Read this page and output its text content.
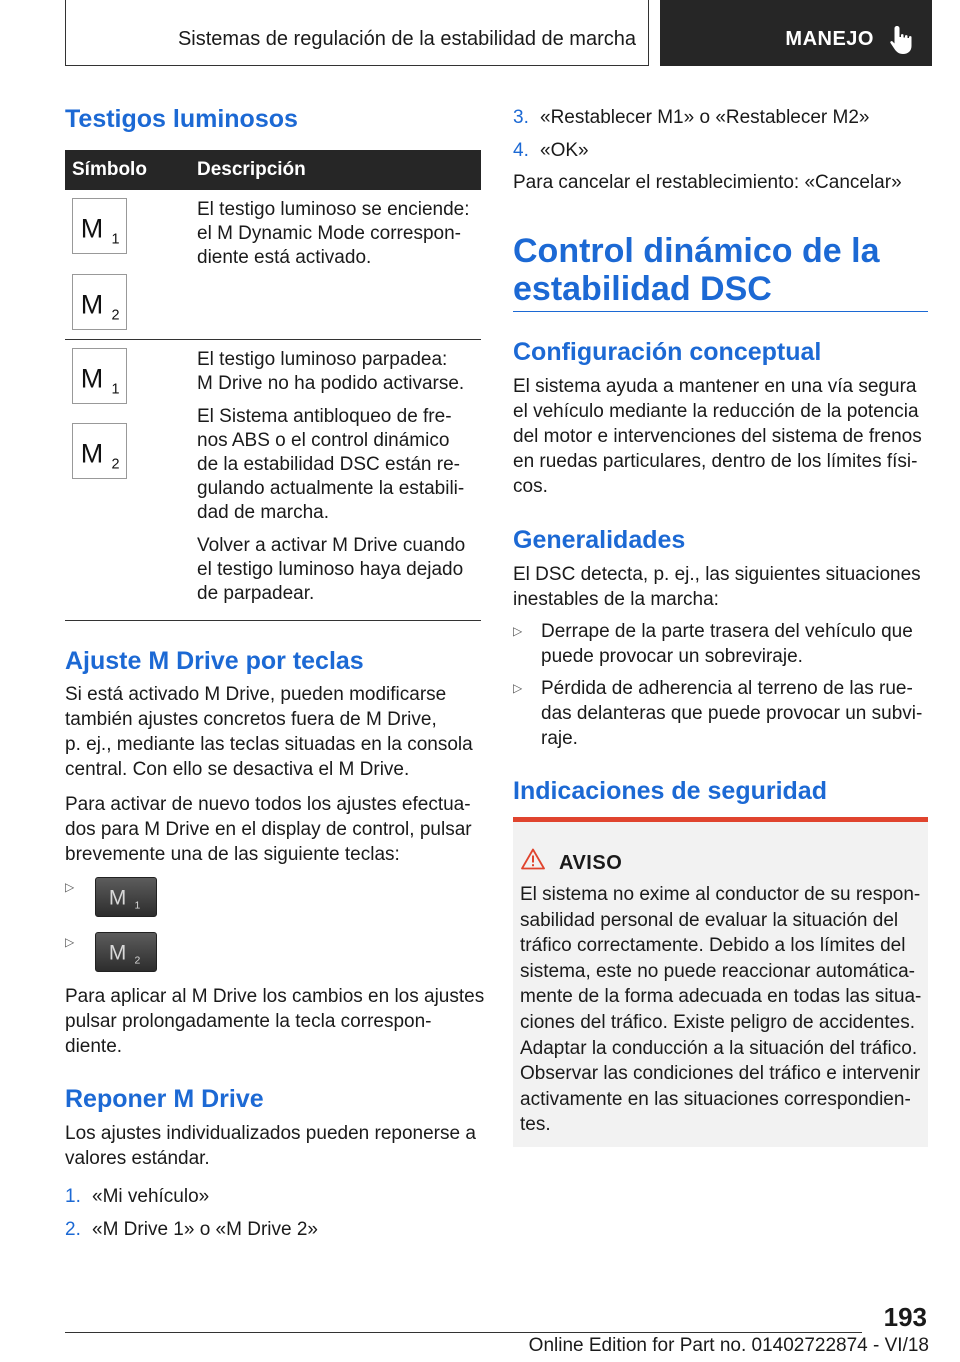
Sistemas de regulación de la estabilidad de marcha	MANEJO
Testigos luminosos
Símbolo	Descripción
M 1
M 2
El testigo luminoso se enciende:
el M Dynamic Mode correspon-
diente está activado.
M 1
M 2
El testigo luminoso parpadea:
M Drive no ha podido activarse.
El Sistema antibloqueo de fre-
nos ABS o el control dinámico
de la estabilidad DSC están re-
gulando actualmente la estabili-
dad de marcha.
Volver a activar M Drive cuando
el testigo luminoso haya dejado
de parpadear.
Ajuste M Drive por teclas

Si está activado M Drive, pueden modificarse

también ajustes concretos fuera de M Drive,

p. ej., mediante las teclas situadas en la consola

central. Con ello se desactiva el M Drive.

Para activar de nuevo todos los ajustes efectua-

dos para M Drive en el display de control, pulsar

brevemente una de las siguiente teclas:

▷ M 1
▷ M 2

Para aplicar al M Drive los cambios en los ajustes

pulsar prolongadamente la tecla correspon-

diente.

Reponer M Drive

Los ajustes individualizados pueden reponerse a

valores estándar.

1. «Mi vehículo»
2. «M Drive 1» o «M Drive 2»
3. «Restablecer M1» o «Restablecer M2»
4. «OK»

Para cancelar el restablecimiento: «Cancelar»

Control dinámico de la
estabilidad DSC
Configuración conceptual

El sistema ayuda a mantener en una vía segura

el vehículo mediante la reducción de la potencia

del motor e intervenciones del sistema de frenos

en ruedas particulares, dentro de los límites físi-

cos.

Generalidades

El DSC detecta, p. ej., las siguientes situaciones

inestables de la marcha:

▷ Derrape de la parte trasera del vehículo que

puede provocar un sobreviraje.

▷ Pérdida de adherencia al terreno de las rue-

das delanteras que puede provocar un subvi-

raje.

Indicaciones de seguridad
AVISO
El sistema no exime al conductor de su respon-
sabilidad personal de evaluar la situación del
tráfico correctamente. Debido a los límites del
sistema, este no puede reaccionar automática-
mente de la forma adecuada en todas las situa-
ciones del tráfico. Existe peligro de accidentes.
Adaptar la conducción a la situación del tráfico.
Observar las condiciones del tráfico e intervenir
activamente en las situaciones correspondien-
tes.
193
Online Edition for Part no. 01402722874 - VI/18
